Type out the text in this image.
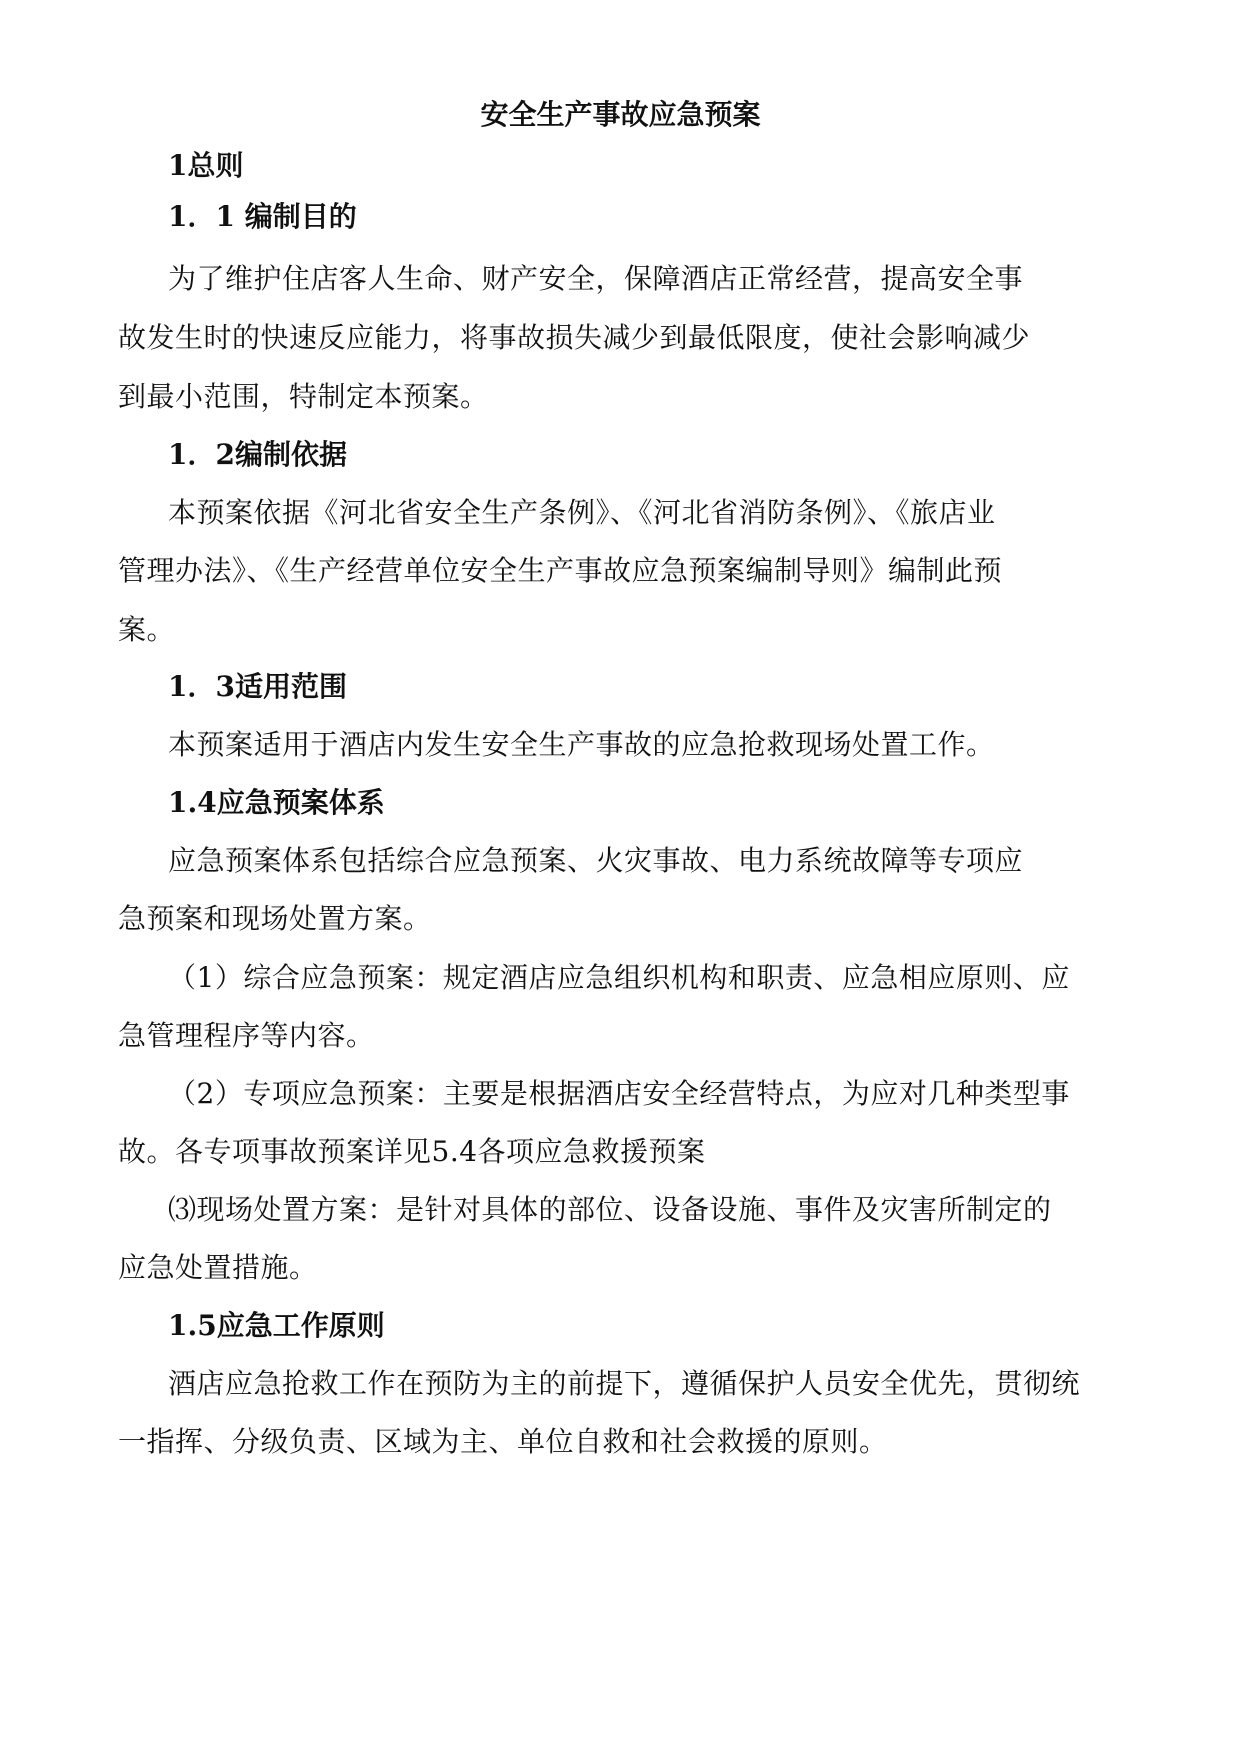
安全生产事故应急预案
1总则
1．1 编制目的
为了维护住店客人生命、财产安全，保障酒店正常经营，提高安全事
故发生时的快速反应能力，将事故损失减少到最低限度，使社会影响减少
到最小范围，特制定本预案。
1．2编制依据
本预案依据《河北省安全生产条例》、《河北省消防条例》、《旅店业
管理办法》、《生产经营单位安全生产事故应急预案编制导则》编制此预
案。
1．3适用范围
本预案适用于酒店内发生安全生产事故的应急抢救现场处置工作。
1.4应急预案体系
应急预案体系包括综合应急预案、火灾事故、电力系统故障等专项应
急预案和现场处置方案。
（1）综合应急预案：规定酒店应急组织机构和职责、应急相应原则、应
急管理程序等内容。
（2）专项应急预案：主要是根据酒店安全经营特点，为应对几种类型事
故。各专项事故预案详见5.4各项应急救援预案
⑶现场处置方案：是针对具体的部位、设备设施、事件及灾害所制定的
应急处置措施。
1.5应急工作原则
酒店应急抢救工作在预防为主的前提下，遵循保护人员安全优先，贯彻统
一指挥、分级负责、区域为主、单位自救和社会救援的原则。
